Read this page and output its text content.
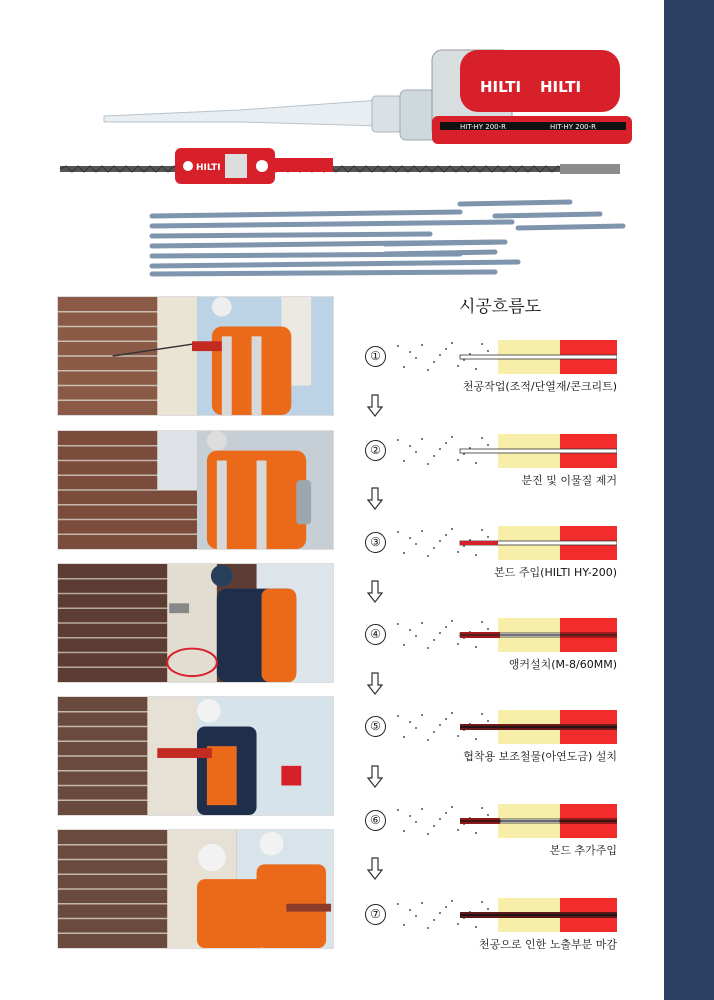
HILTI HILTI
HIT-HY 200-R	HIT-HY 200-R
HILTI
시공흐름도
①
천공작업(조적/단열재/콘크리트)
②
분진 및 이물질 제거
③
본드 주입(HILTI HY-200)
④
앵커설치(M-8/60MM)
⑤
협착용 보조철물(아연도금) 설치
⑥
본드 추가주입
⑦
천공으로 인한 노출부분 마감
